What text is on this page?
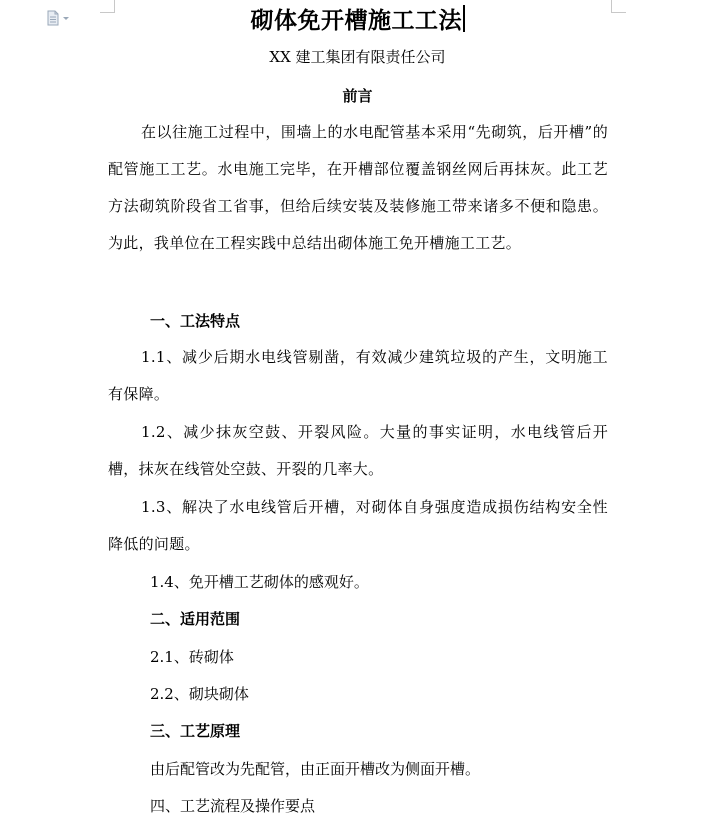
砌体免开槽施工工法
XX 建工集团有限责任公司
前言
在以往施工过程中，围墙上的水电配管基本采用“先砌筑，后开槽”的配管施工工艺。水电施工完毕，在开槽部位覆盖钢丝网后再抹灰。此工艺方法砌筑阶段省工省事，但给后续安装及装修施工带来诸多不便和隐患。为此，我单位在工程实践中总结出砌体施工免开槽施工工艺。
一、工法特点
1.1、减少后期水电线管剔凿，有效减少建筑垃圾的产生，文明施工有保障。
1.2、减少抹灰空鼓、开裂风险。大量的事实证明，水电线管后开槽，抹灰在线管处空鼓、开裂的几率大。
1.3、解决了水电线管后开槽，对砌体自身强度造成损伤结构安全性降低的问题。
1.4、免开槽工艺砌体的感观好。
二、适用范围
2.1、砖砌体
2.2、砌块砌体
三、工艺原理
由后配管改为先配管，由正面开槽改为侧面开槽。
四、工艺流程及操作要点
